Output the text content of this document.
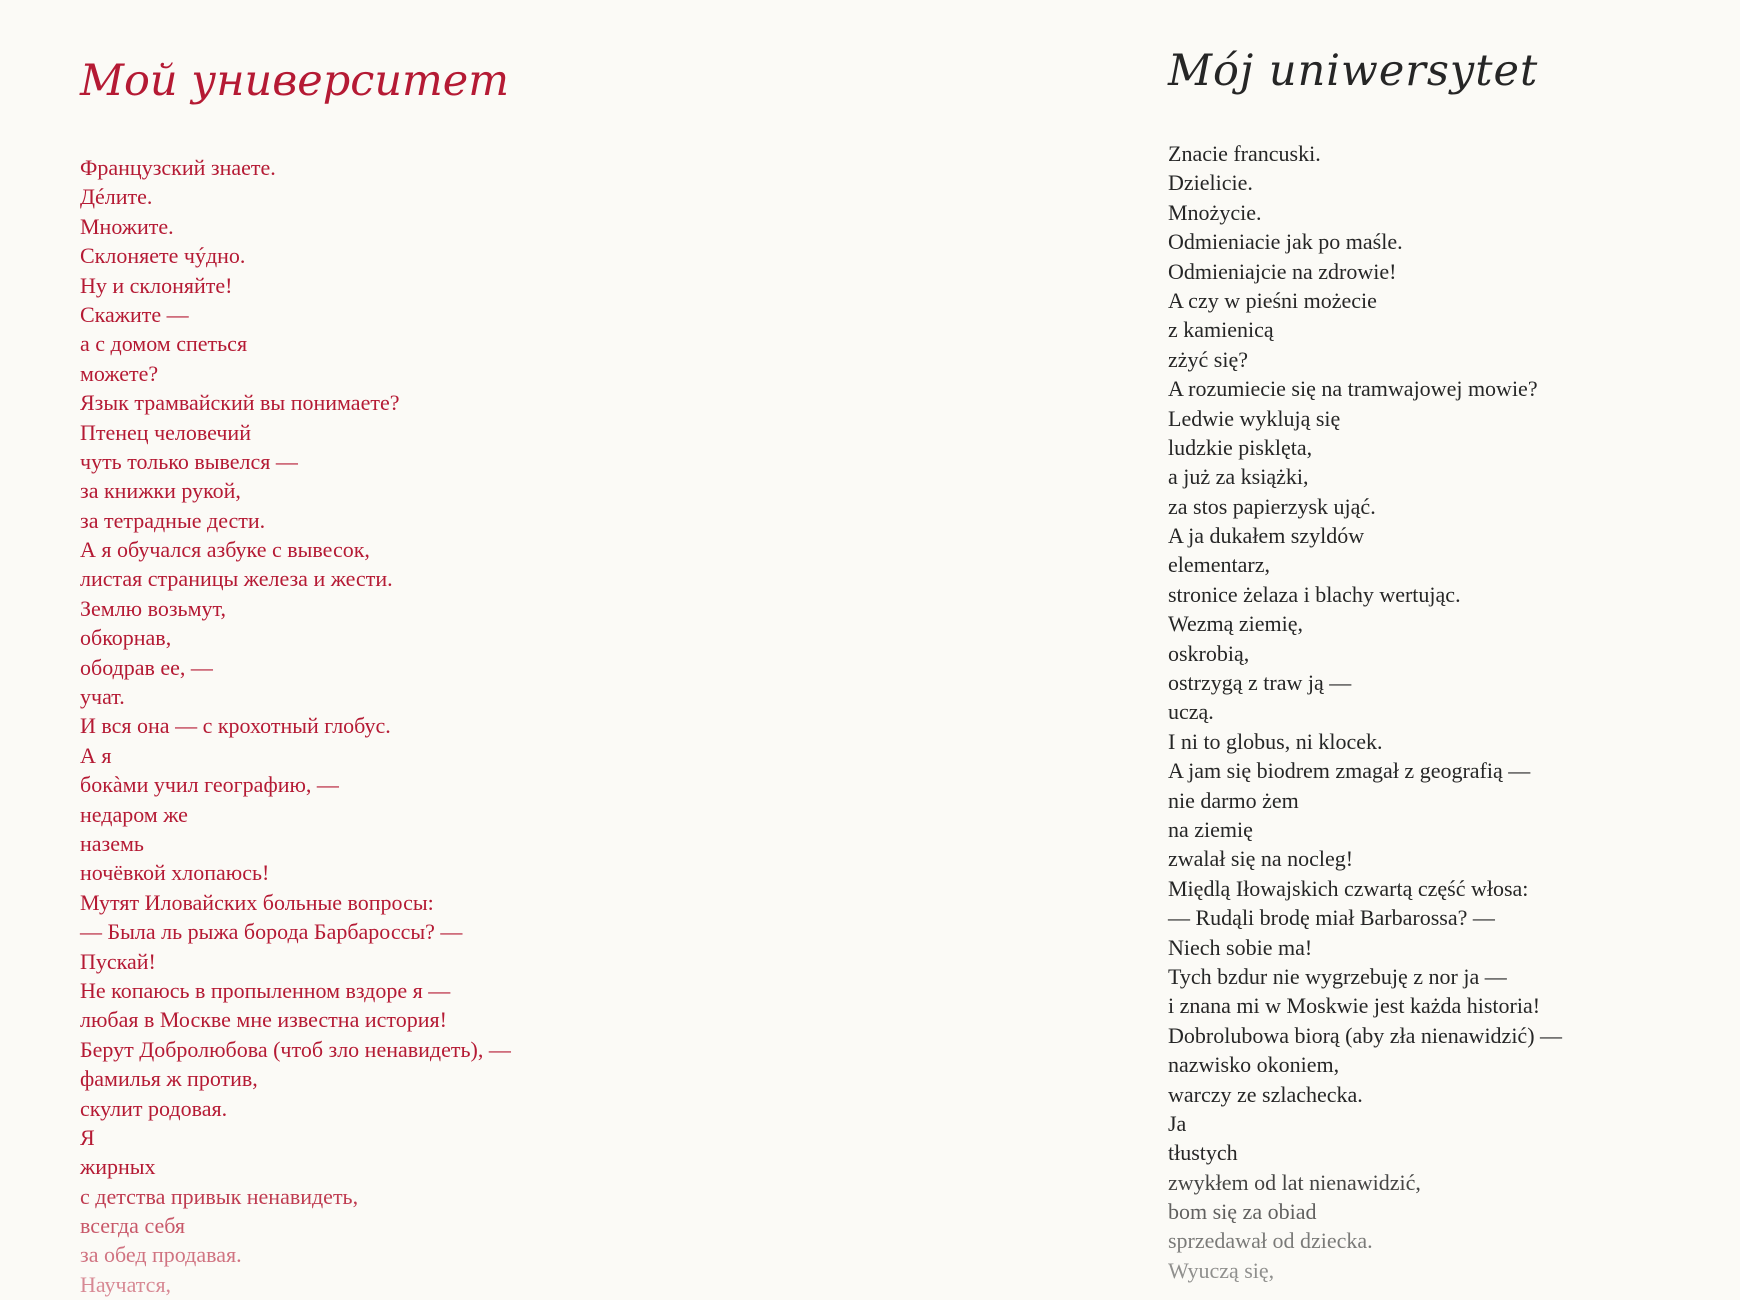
Мой университет
Французский знаете.
Дéлите.
Множите.
Склоняете чýдно.
Ну и склоняйте!
Скажите —
а с домом спеться
можете?
Язык трамвайский вы понимаете?
Птенец человечий
чуть только вывелся —
за книжки рукой,
за тетрадные дести.
А я обучался азбуке с вывесок,
листая страницы железа и жести.
Землю возьмут,
обкорнав,
ободрав ее, —
учат.
И вся она — с крохотный глобус.
А я
бокàми учил географию, —
недаром же
наземь
ночёвкой хлопаюсь!
Мутят Иловайских больные вопросы:
— Была ль рыжа борода Барбароссы? —
Пускай!
Не копаюсь в пропыленном вздоре я —
любая в Москве мне известна история!
Берут Добролюбова (чтоб зло ненавидеть), —
фамилья ж против,
скулит родовая.
Я
жирных
с детства привык ненавидеть,
всегда себя
за обед продавая.
Научатся,
Mój uniwersytet
Znacie francuski.
Dzielicie.
Mnożycie.
Odmieniacie jak po maśle.
Odmieniajcie na zdrowie!
A czy w pieśni możecie
z kamienicą
zżyć się?
A rozumiecie się na tramwajowej mowie?
Ledwie wyklują się
ludzkie pisklęta,
a już za książki,
za stos papierzysk ująć.
A ja dukałem szyldów
elementarz,
stronice żelaza i blachy wertując.
Wezmą ziemię,
oskrobią,
ostrzygą z traw ją —
uczą.
I ni to globus, ni klocek.
A jam się biodrem zmagał z geografią —
nie darmo żem
na ziemię
zwalał się na nocleg!
Międlą Iłowajskich czwartą część włosa:
— Rudąli brodę miał Barbarossa? —
Niech sobie ma!
Tych bzdur nie wygrzebuję z nor ja —
i znana mi w Moskwie jest każda historia!
Dobrolubowa biorą (aby zła nienawidzić) —
nazwisko okoniem,
warczy ze szlachecka.
Ja
tłustych
zwykłem od lat nienawidzić,
bom się za obiad
sprzedawał od dziecka.
Wyuczą się,
